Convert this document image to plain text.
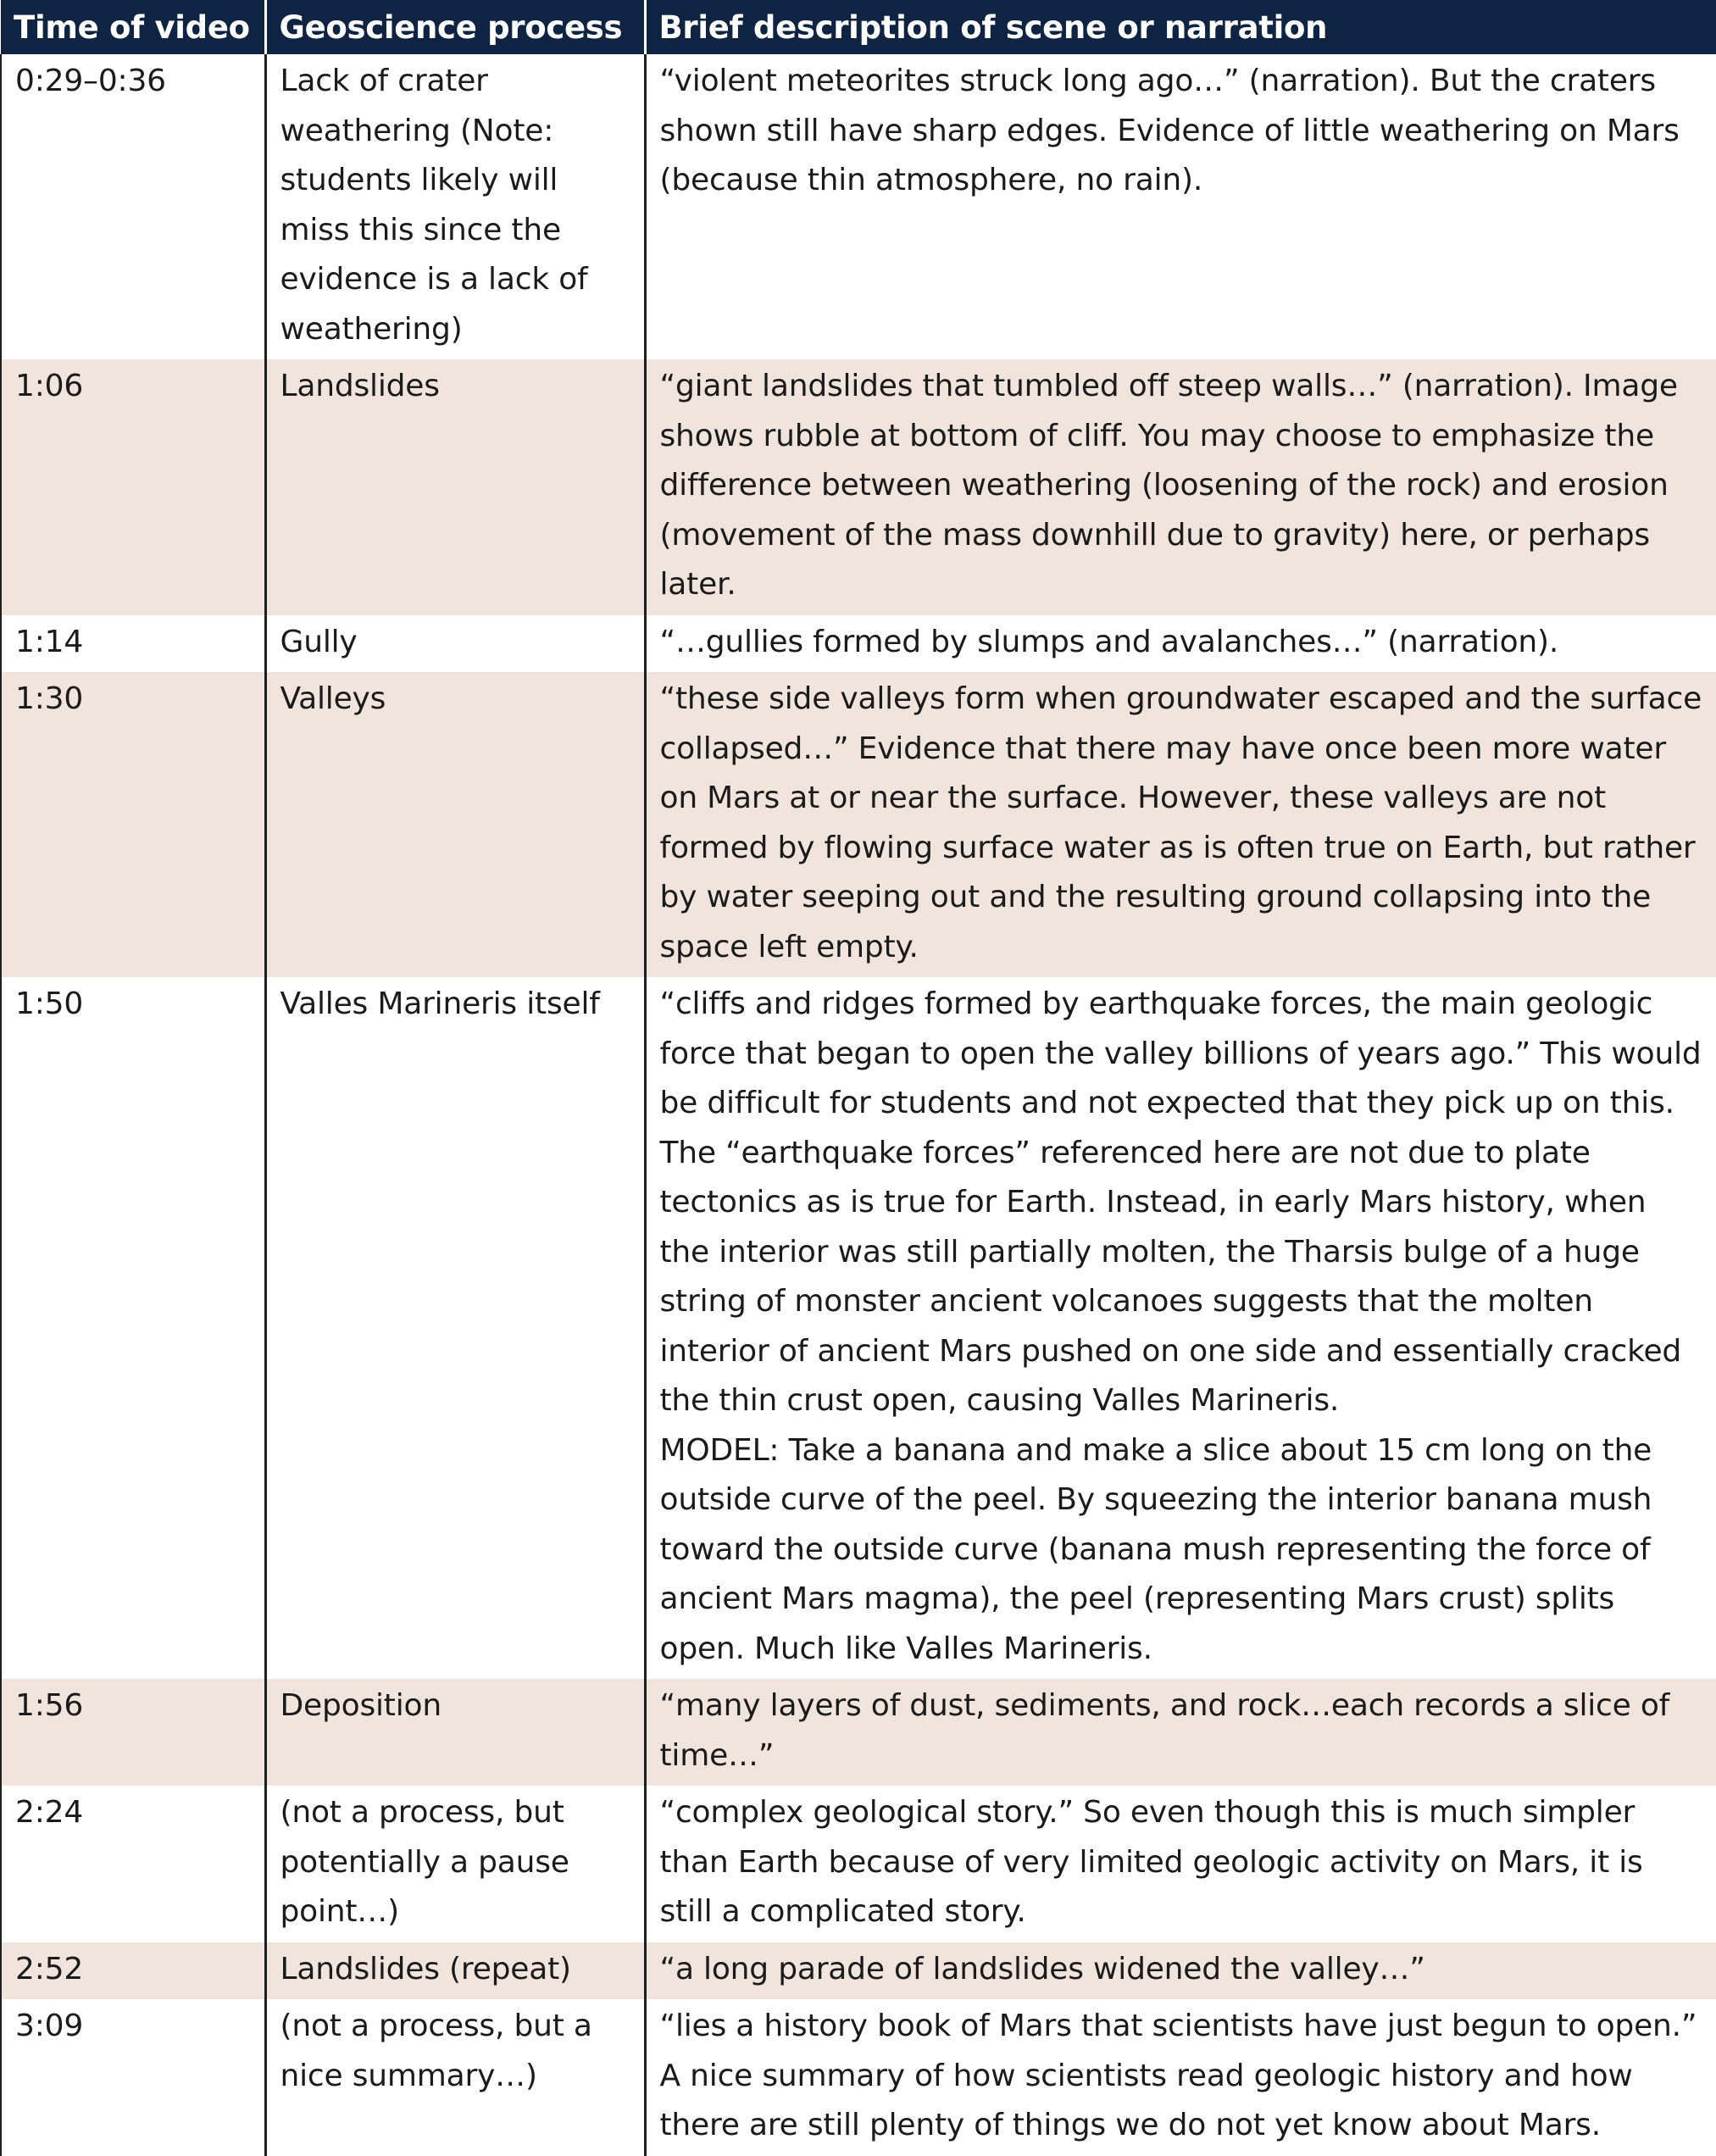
Time of video	Geoscience process	Brief description of scene or narration
0:29–0:36	Lack of crater weathering (Note: students likely will miss this since the evidence is a lack of weathering)	“violent meteorites struck long ago…” (narration). But the craters shown still have sharp edges. Evidence of little weathering on Mars (because thin atmosphere, no rain).
1:06	Landslides	“giant landslides that tumbled off steep walls…” (narration). Image shows rubble at bottom of cliff. You may choose to emphasize the difference between weathering (loosening of the rock) and erosion (movement of the mass downhill due to gravity) here, or perhaps later.
1:14	Gully	“…gullies formed by slumps and avalanches…” (narration).
1:30	Valleys	“these side valleys form when groundwater escaped and the surface collapsed…” Evidence that there may have once been more water on Mars at or near the surface. However, these valleys are not formed by flowing surface water as is often true on Earth, but rather by water seeping out and the resulting ground collapsing into the space left empty.
1:50	Valles Marineris itself	“cliffs and ridges formed by earthquake forces, the main geologic force that began to open the valley billions of years ago.” This would be difficult for students and not expected that they pick up on this. The “earthquake forces” referenced here are not due to plate tectonics as is true for Earth. Instead, in early Mars history, when the interior was still partially molten, the Tharsis bulge of a huge string of monster ancient volcanoes suggests that the molten interior of ancient Mars pushed on one side and essentially cracked the thin crust open, causing Valles Marineris.
MODEL: Take a banana and make a slice about 15 cm long on the outside curve of the peel. By squeezing the interior banana mush toward the outside curve (banana mush representing the force of ancient Mars magma), the peel (representing Mars crust) splits open. Much like Valles Marineris.

1:56	Deposition	“many layers of dust, sediments, and rock…each records a slice of time…”
2:24	(not a process, but potentially a pause point…)	“complex geological story.” So even though this is much simpler than Earth because of very limited geologic activity on Mars, it is still a complicated story.
2:52	Landslides (repeat)	“a long parade of landslides widened the valley…”
3:09	(not a process, but a nice summary…)	“lies a history book of Mars that scientists have just begun to open.” A nice summary of how scientists read geologic history and how there are still plenty of things we do not yet know about Mars.
